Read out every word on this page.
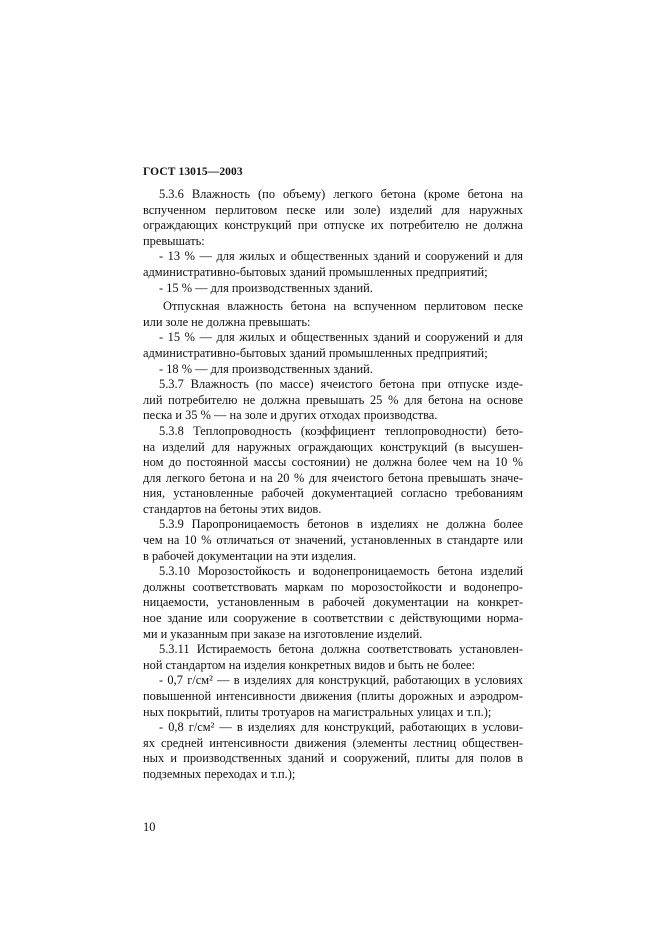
ГОСТ 13015—2003
5.3.6 Влажность (по объему) легкого бетона (кроме бетона на
вспученном перлитовом песке или золе) изделий для наружных
ограждающих конструкций при отпуске их потребителю не должна
превышать:
- 13 % — для жилых и общественных зданий и сооружений и для
административно-бытовых зданий промышленных предприятий;
- 15 % — для производственных зданий.
Отпускная влажность бетона на вспученном перлитовом песке
или золе не должна превышать:
- 15 % — для жилых и общественных зданий и сооружений и для
административно-бытовых зданий промышленных предприятий;
- 18 % — для производственных зданий.
5.3.7 Влажность (по массе) ячеистого бетона при отпуске изде-
лий потребителю не должна превышать 25 % для бетона на основе
песка и 35 % — на золе и других отходах производства.
5.3.8 Теплопроводность (коэффициент теплопроводности) бето-
на изделий для наружных ограждающих конструкций (в высушен-
ном до постоянной массы состоянии) не должна более чем на 10 %
для легкого бетона и на 20 % для ячеистого бетона превышать значе-
ния, установленные рабочей документацией согласно требованиям
стандартов на бетоны этих видов.
5.3.9 Паропроницаемость бетонов в изделиях не должна более
чем на 10 % отличаться от значений, установленных в стандарте или
в рабочей документации на эти изделия.
5.3.10 Морозостойкость и водонепроницаемость бетона изделий
должны соответствовать маркам по морозостойкости и водонепро-
ницаемости, установленным в рабочей документации на конкрет-
ное здание или сооружение в соответствии с действующими норма-
ми и указанным при заказе на изготовление изделий.
5.3.11 Истираемость бетона должна соответствовать установлен-
ной стандартом на изделия конкретных видов и быть не более:
- 0,7 г/см² — в изделиях для конструкций, работающих в условиях
повышенной интенсивности движения (плиты дорожных и аэродром-
ных покрытий, плиты тротуаров на магистральных улицах и т.п.);
- 0,8 г/см² — в изделиях для конструкций, работающих в услови-
ях средней интенсивности движения (элементы лестниц обществен-
ных и производственных зданий и сооружений, плиты для полов в
подземных переходах и т.п.);
10
